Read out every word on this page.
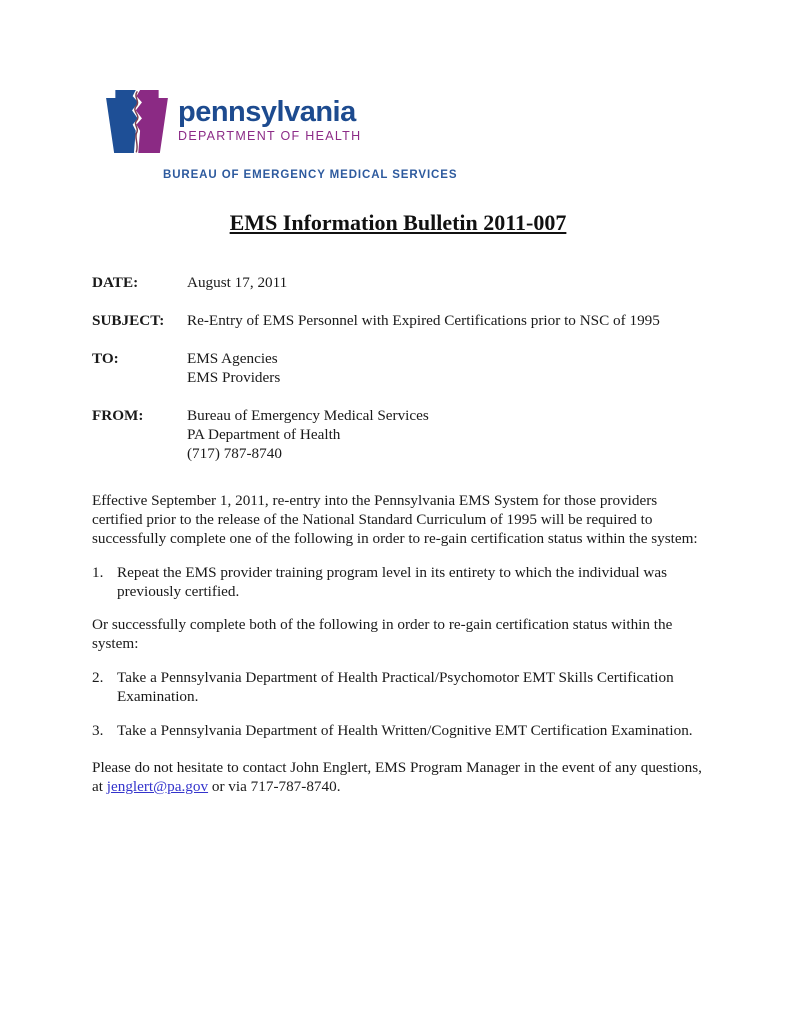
pennsylvania
DEPARTMENT OF HEALTH
BUREAU OF EMERGENCY MEDICAL SERVICES
EMS Information Bulletin 2011-007
DATE:	August 17, 2011
SUBJECT:	Re-Entry of EMS Personnel with Expired Certifications prior to NSC of 1995
TO:	EMS Agencies
EMS Providers
FROM:	Bureau of Emergency Medical Services
PA Department of Health
(717) 787-8740
Effective September 1, 2011, re-entry into the Pennsylvania EMS System for those providers certified prior to the release of the National Standard Curriculum of 1995 will be required to successfully complete one of the following in order to re-gain certification status within the system:
1. Repeat the EMS provider training program level in its entirety to which the individual was previously certified.
Or successfully complete both of the following in order to re-gain certification status within the system:
2. Take a Pennsylvania Department of Health Practical/Psychomotor EMT Skills Certification Examination.
3. Take a Pennsylvania Department of Health Written/Cognitive EMT Certification Examination.
Please do not hesitate to contact John Englert, EMS Program Manager in the event of any questions, at jenglert@pa.gov or via 717-787-8740.
